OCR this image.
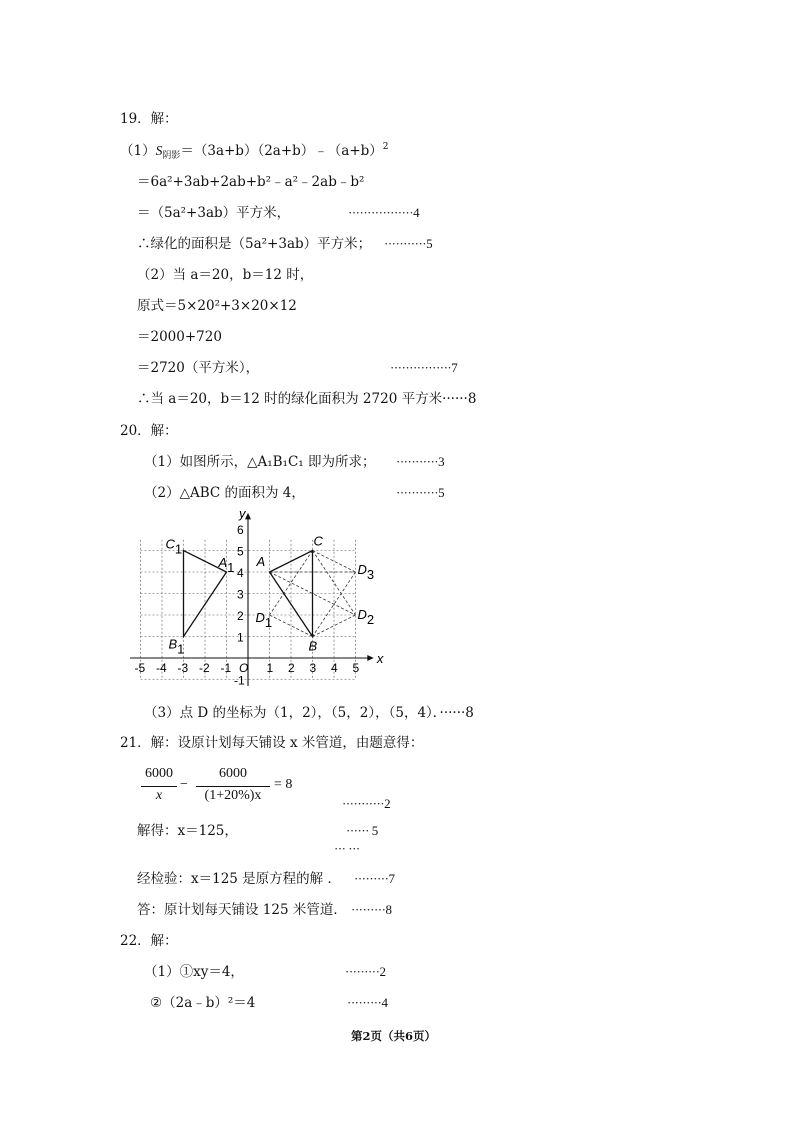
19．解：
$(1)S_{阴影}=(3a+b)(2a+b)﹣(a+b)^2$
＝6a²+3ab+2ab+b²﹣a²﹣2ab﹣b²
＝（5a²+3ab）平方米，	·················4
∴绿化的面积是（5a²+3ab）平方米； ···········5
（2）当 a＝20，b＝12 时，
原式＝5×20²+3×20×12
＝2000+720
＝2720（平方米），	················7
∴当 a＝20，b＝12 时的绿化面积为 2720 平方米······8
20．解：
（1）如图所示，△A₁B₁C₁ 即为所求； ···········3
（2）△ABC 的面积为 4，	···········5
x
y
-5 -4 -3 -2 -1 O 1 2 3 4 5
6
5
4
3
2
1
-1
A
B
C
A1
B1
C1
D1
D2
D3
（3）点 D 的坐标为（1，2），（5，2），（5，4）．······8
21．解：设原计划每天铺设 x 米管道，由题意得：
6000
x
−
6000
(1+20%)x
= 8
···········2
解得：x＝125，	······ 5
··· ···
经检验：x＝125 是原方程的解 ． ·········7
答：原计划每天铺设 125 米管道． ·········8
22．解：
（1）①xy＝4，	·········2
②（2a﹣b）²＝4	·········4
第2页（共6页）
